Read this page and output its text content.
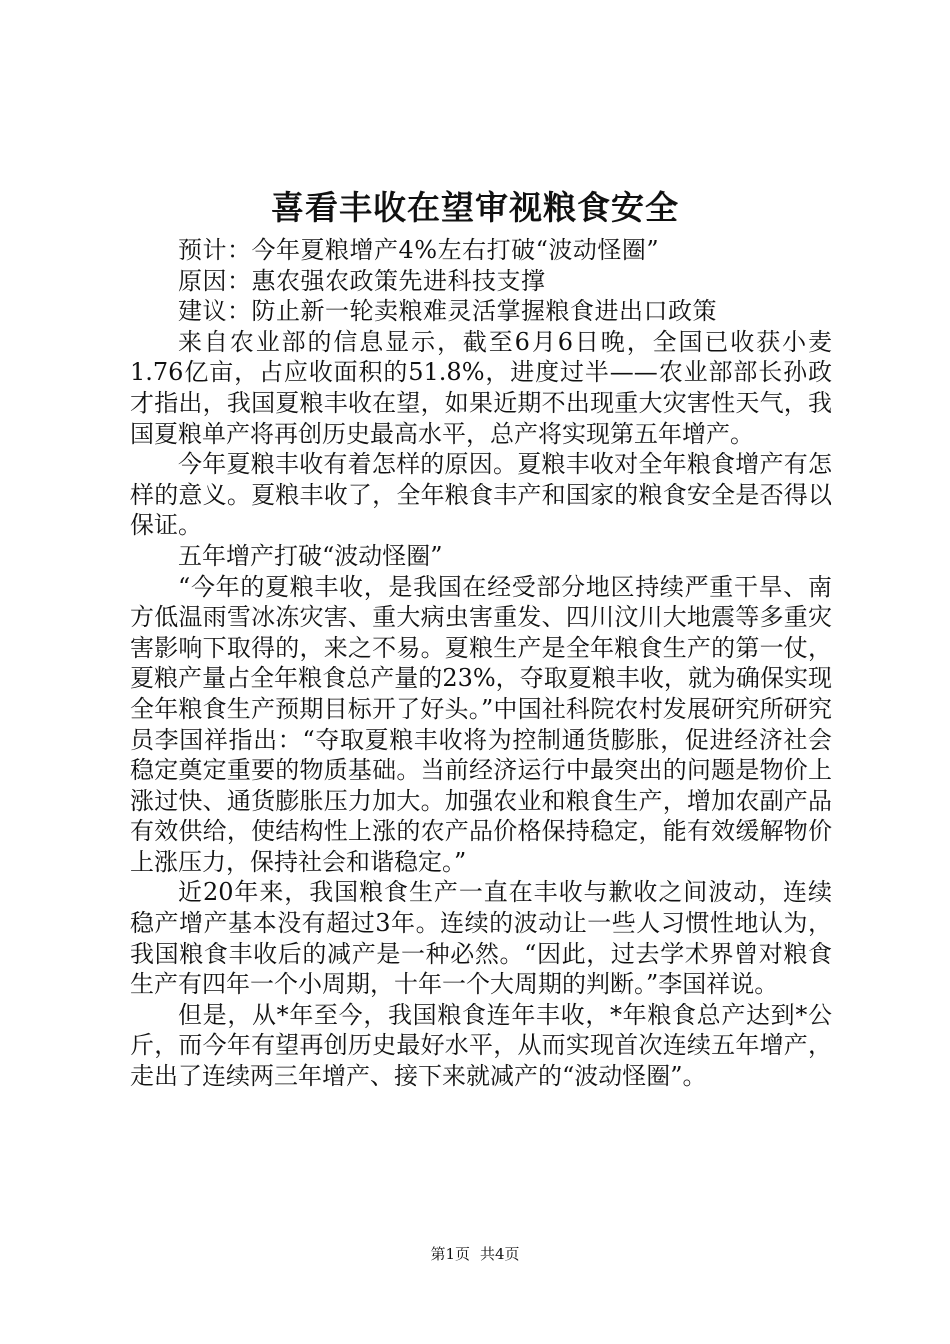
喜看丰收在望审视粮食安全

预计：今年夏粮增产4%左右打破“波动怪圈”

原因：惠农强农政策先进科技支撑

建议：防止新一轮卖粮难灵活掌握粮食进出口政策

来自农业部的信息显示，截至6月6日晚，全国已收获小麦1.76亿亩，占应收面积的51.8%，进度过半——农业部部长孙政才指出，我国夏粮丰收在望，如果近期不出现重大灾害性天气，我国夏粮单产将再创历史最高水平，总产将实现第五年增产。

今年夏粮丰收有着怎样的原因。夏粮丰收对全年粮食增产有怎样的意义。夏粮丰收了，全年粮食丰产和国家的粮食安全是否得以保证。

五年增产打破“波动怪圈”

“今年的夏粮丰收，是我国在经受部分地区持续严重干旱、南方低温雨雪冰冻灾害、重大病虫害重发、四川汶川大地震等多重灾害影响下取得的，来之不易。夏粮生产是全年粮食生产的第一仗，夏粮产量占全年粮食总产量的23%，夺取夏粮丰收，就为确保实现全年粮食生产预期目标开了好头。”中国社科院农村发展研究所研究员李国祥指出：“夺取夏粮丰收将为控制通货膨胀，促进经济社会稳定奠定重要的物质基础。当前经济运行中最突出的问题是物价上涨过快、通货膨胀压力加大。加强农业和粮食生产，增加农副产品有效供给，使结构性上涨的农产品价格保持稳定，能有效缓解物价上涨压力，保持社会和谐稳定。”

近20年来，我国粮食生产一直在丰收与歉收之间波动，连续稳产增产基本没有超过3年。连续的波动让一些人习惯性地认为，我国粮食丰收后的减产是一种必然。“因此，过去学术界曾对粮食生产有四年一个小周期，十年一个大周期的判断。”李国祥说。

但是，从*年至今，我国粮食连年丰收，*年粮食总产达到*公斤，而今年有望再创历史最好水平，从而实现首次连续五年增产，走出了连续两三年增产、接下来就减产的“波动怪圈”。

第1页 共4页
